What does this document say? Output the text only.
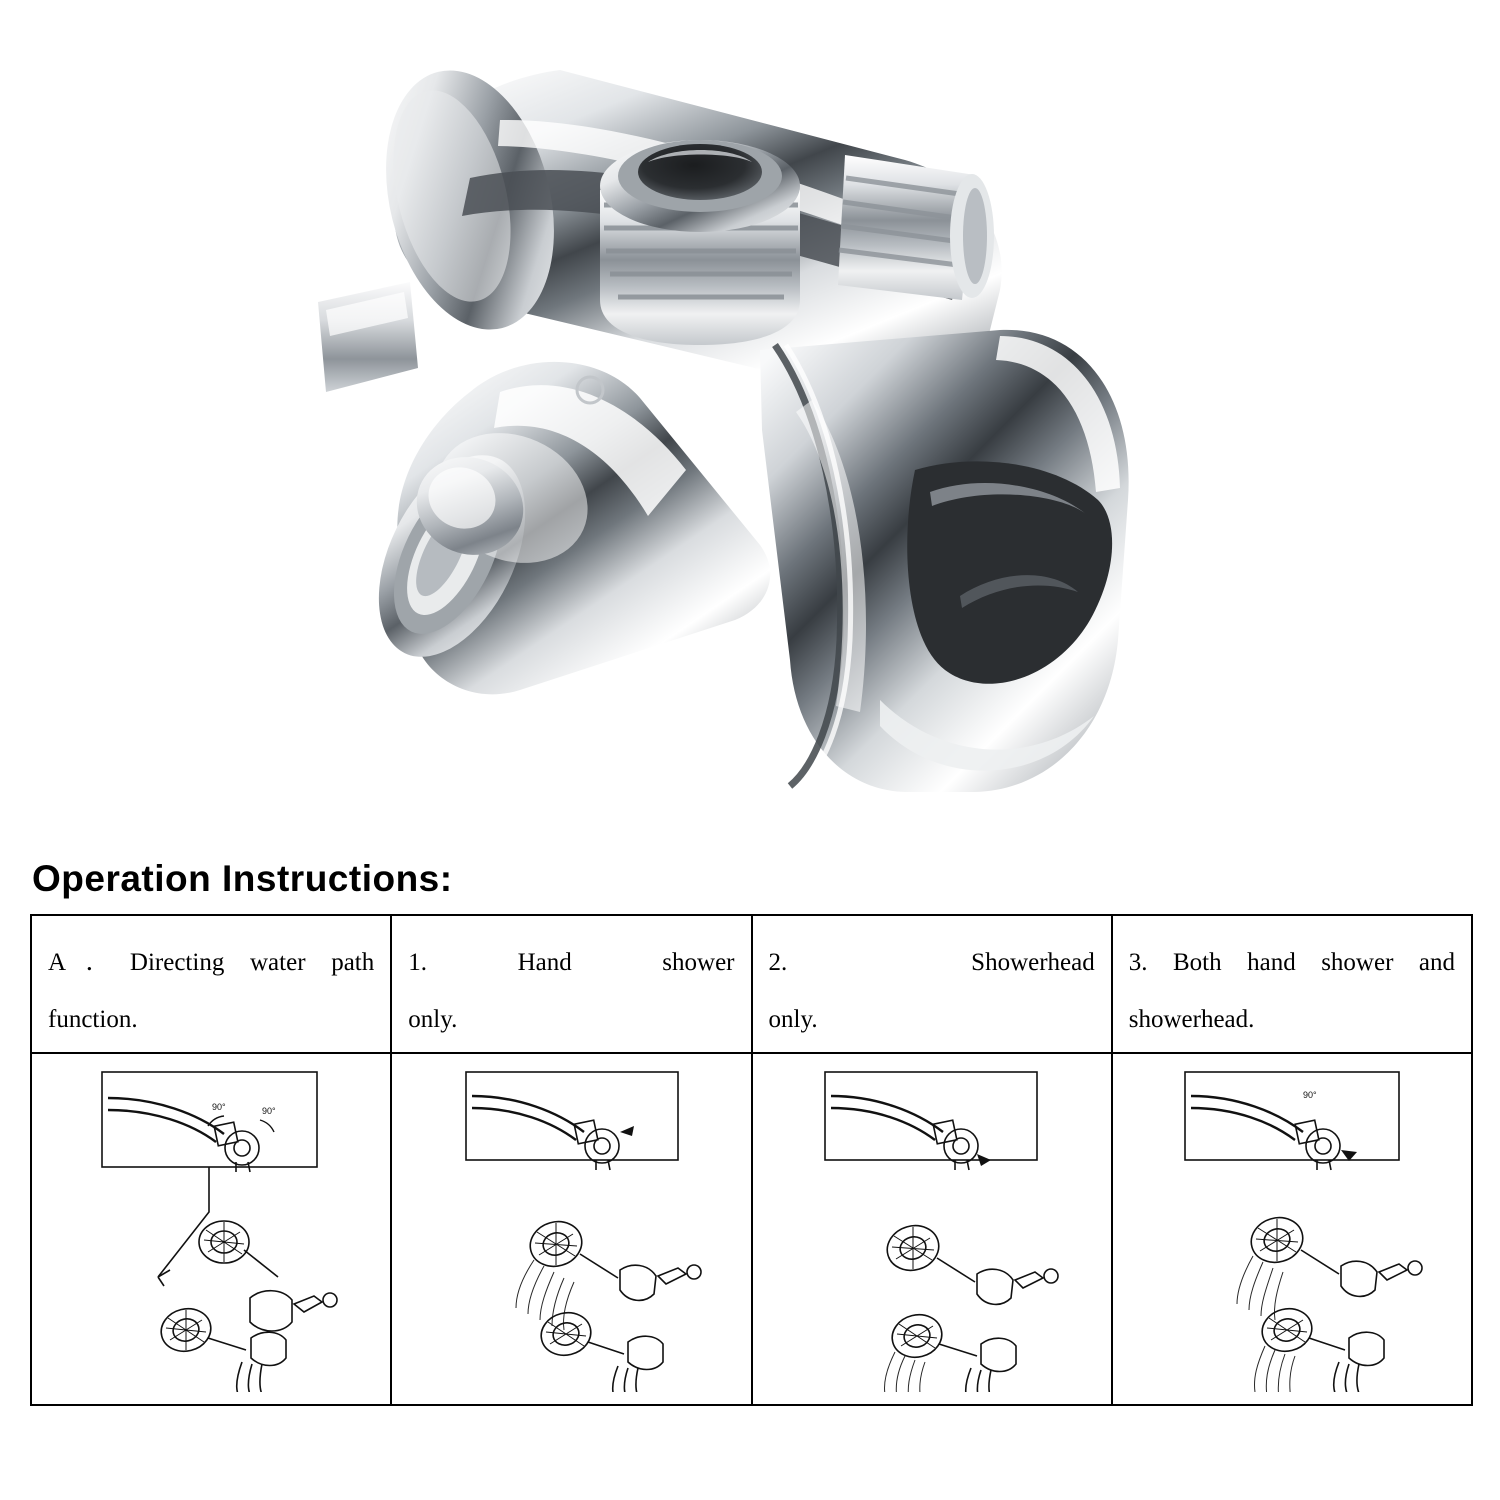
Operation Instructions:
A．Directing water path
function.
90°	90°
1. Hand shower
only.
2. Showerhead
only.
3. Both hand shower and
showerhead.
90°
